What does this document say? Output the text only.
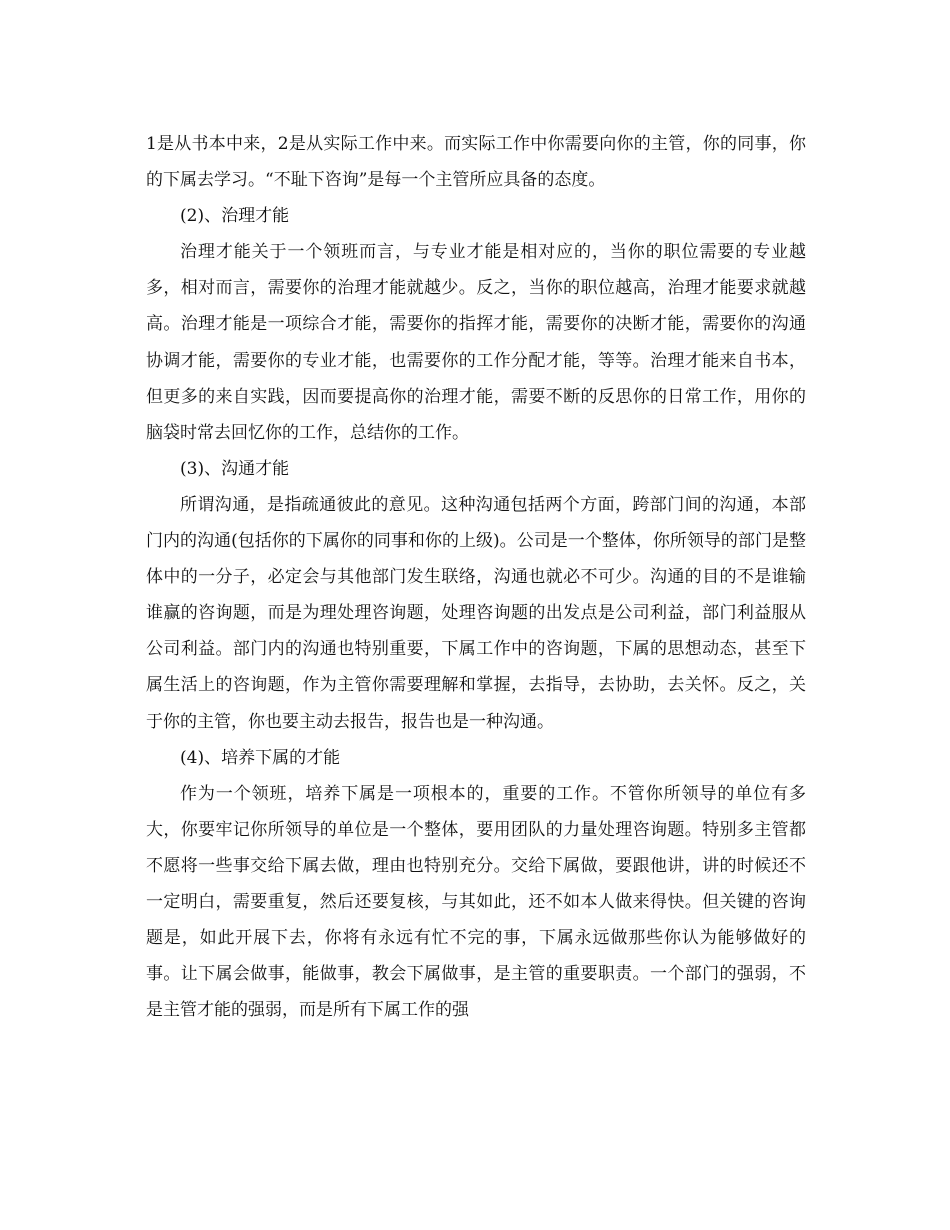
1是从书本中来，2是从实际工作中来。而实际工作中你需要向你的主管，你的同事，你的下属去学习。“不耻下咨询”是每一个主管所应具备的态度。

(2)、治理才能

治理才能关于一个领班而言，与专业才能是相对应的，当你的职位需要的专业越多，相对而言，需要你的治理才能就越少。反之，当你的职位越高，治理才能要求就越高。治理才能是一项综合才能，需要你的指挥才能，需要你的决断才能，需要你的沟通协调才能，需要你的专业才能，也需要你的工作分配才能，等等。治理才能来自书本，但更多的来自实践，因而要提高你的治理才能，需要不断的反思你的日常工作，用你的脑袋时常去回忆你的工作，总结你的工作。

(3)、沟通才能

所谓沟通，是指疏通彼此的意见。这种沟通包括两个方面，跨部门间的沟通，本部门内的沟通(包括你的下属你的同事和你的上级)。公司是一个整体，你所领导的部门是整体中的一分子，必定会与其他部门发生联络，沟通也就必不可少。沟通的目的不是谁输谁赢的咨询题，而是为理处理咨询题，处理咨询题的出发点是公司利益，部门利益服从公司利益。部门内的沟通也特别重要，下属工作中的咨询题，下属的思想动态，甚至下属生活上的咨询题，作为主管你需要理解和掌握，去指导，去协助，去关怀。反之，关于你的主管，你也要主动去报告，报告也是一种沟通。

(4)、培养下属的才能

作为一个领班，培养下属是一项根本的，重要的工作。不管你所领导的单位有多大，你要牢记你所领导的单位是一个整体，要用团队的力量处理咨询题。特别多主管都不愿将一些事交给下属去做，理由也特别充分。交给下属做，要跟他讲，讲的时候还不一定明白，需要重复，然后还要复核，与其如此，还不如本人做来得快。但关键的咨询题是，如此开展下去，你将有永远有忙不完的事，下属永远做那些你认为能够做好的事。让下属会做事，能做事，教会下属做事，是主管的重要职责。一个部门的强弱，不是主管才能的强弱，而是所有下属工作的强
